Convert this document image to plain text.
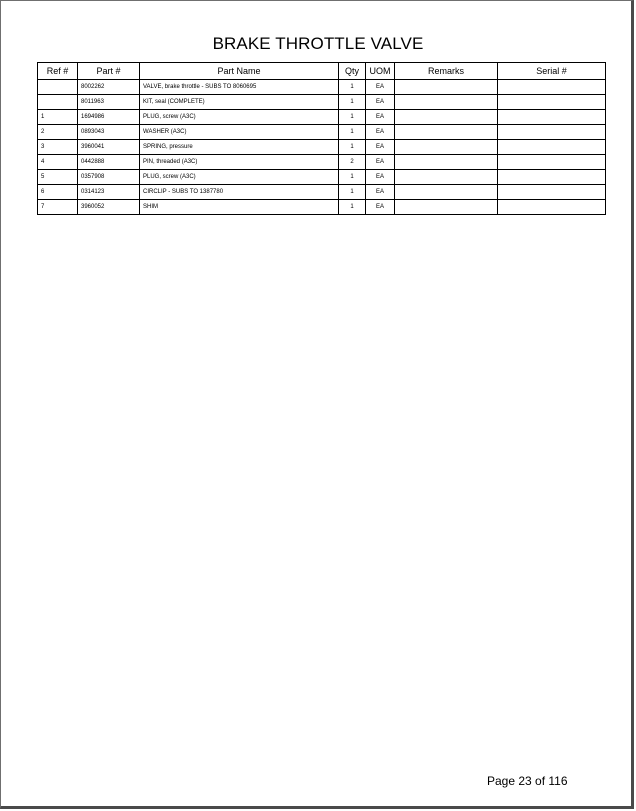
BRAKE THROTTLE VALVE
Ref #	Part #	Part Name	Qty	UOM	Remarks	Serial #
	8002262	VALVE, brake throttle - SUBS TO 8060695	1	EA		
	8011963	KIT, seal (COMPLETE)	1	EA		
1	1694986	PLUG, screw (A3C)	1	EA		
2	0893043	WASHER (A3C)	1	EA		
3	3960041	SPRING, pressure	1	EA		
4	0442888	PIN, threaded (A3C)	2	EA		
5	0357908	PLUG, screw (A3C)	1	EA		
6	0314123	CIRCLIP - SUBS TO 1387780	1	EA		
7	3960052	SHIM	1	EA		
Page 23 of 116
